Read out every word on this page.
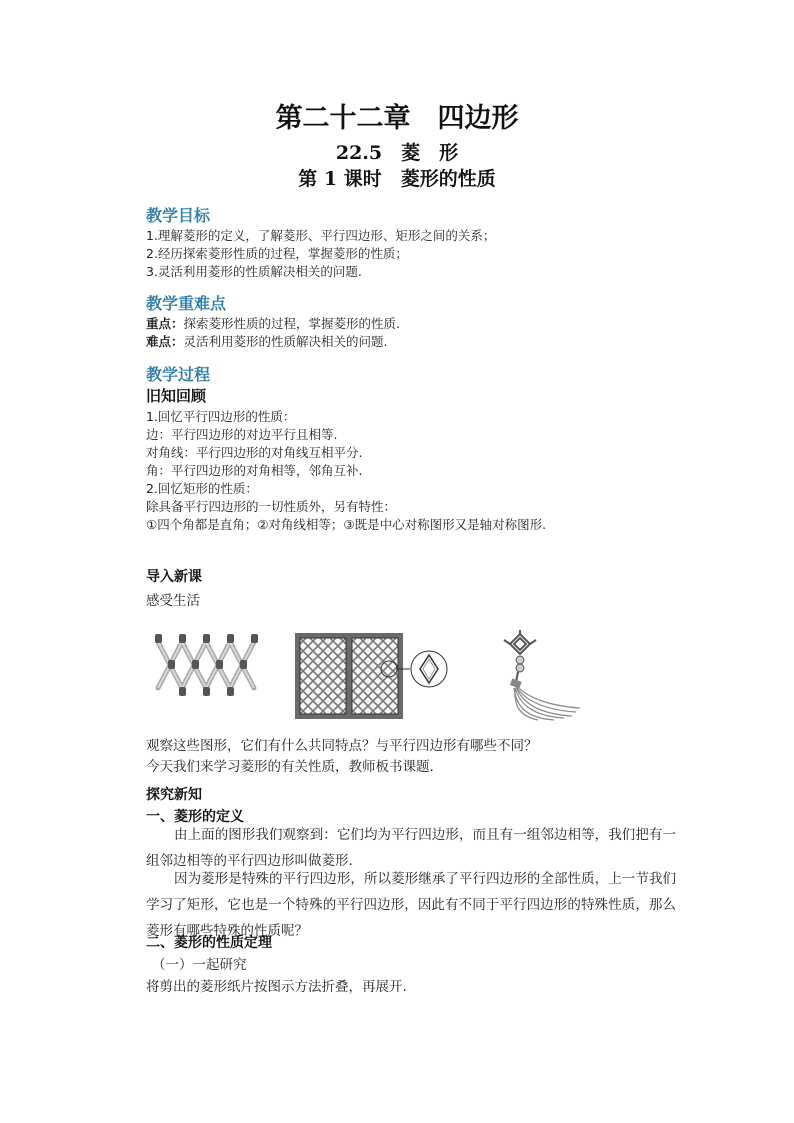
第二十二章　四边形
22.5　菱　形
第 1 课时　菱形的性质
教学目标
1.理解菱形的定义，了解菱形、平行四边形、矩形之间的关系；
2.经历探索菱形性质的过程，掌握菱形的性质；
3.灵活利用菱形的性质解决相关的问题.
教学重难点
重点：探索菱形性质的过程，掌握菱形的性质.
难点：灵活利用菱形的性质解决相关的问题.
教学过程
旧知回顾
1.回忆平行四边形的性质：
边：平行四边形的对边平行且相等.
对角线：平行四边形的对角线互相平分.
角：平行四边形的对角相等，邻角互补.
2.回忆矩形的性质：
除具备平行四边形的一切性质外，另有特性：
①四个角都是直角；②对角线相等；③既是中心对称图形又是轴对称图形.
导入新课
感受生活
观察这些图形，它们有什么共同特点？与平行四边形有哪些不同？
今天我们来学习菱形的有关性质，教师板书课题.
探究新知
一、菱形的定义
由上面的图形我们观察到：它们均为平行四边形，而且有一组邻边相等，我们把有一组邻边相等的平行四边形叫做菱形.
因为菱形是特殊的平行四边形，所以菱形继承了平行四边形的全部性质，上一节我们学习了矩形，它也是一个特殊的平行四边形，因此有不同于平行四边形的特殊性质，那么菱形有哪些特殊的性质呢？
二、菱形的性质定理
（一）一起研究
将剪出的菱形纸片按图示方法折叠，再展开.
